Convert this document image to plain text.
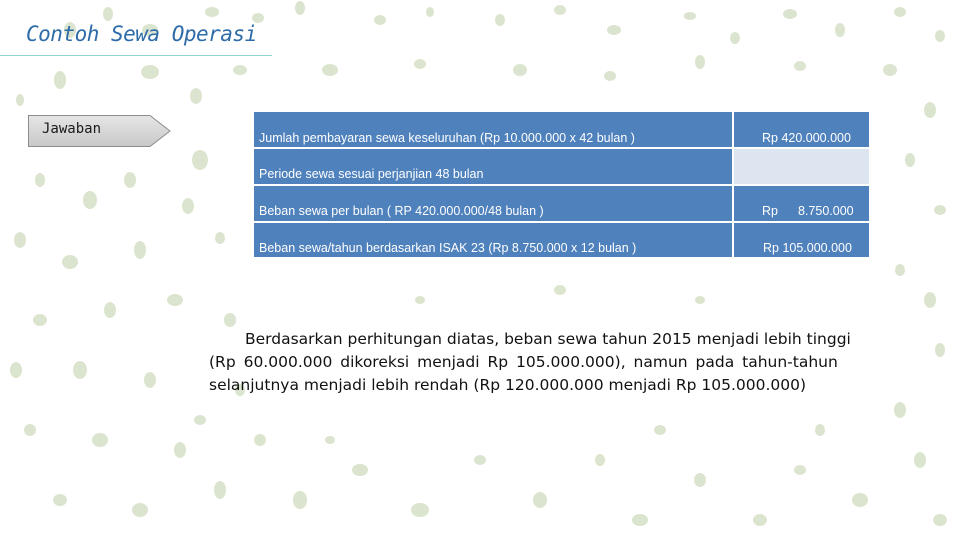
Contoh Sewa Operasi
Jawaban
Jumlah pembayaran sewa keseluruhan (Rp 10.000.000 x 42 bulan )	Rp 420.000.000
Periode sewa sesuai perjanjian 48 bulan
Beban sewa per bulan ( RP 420.000.000/48 bulan )	Rp 8.750.000
Beban sewa/tahun berdasarkan ISAK 23 (Rp 8.750.000 x 12 bulan )	Rp 105.000.000
Berdasarkan perhitungan diatas, beban sewa tahun 2015 menjadi lebih tinggi
(Rp 60.000.000 dikoreksi menjadi Rp 105.000.000), namun pada tahun-tahun
selanjutnya menjadi lebih rendah (Rp 120.000.000 menjadi Rp 105.000.000)
